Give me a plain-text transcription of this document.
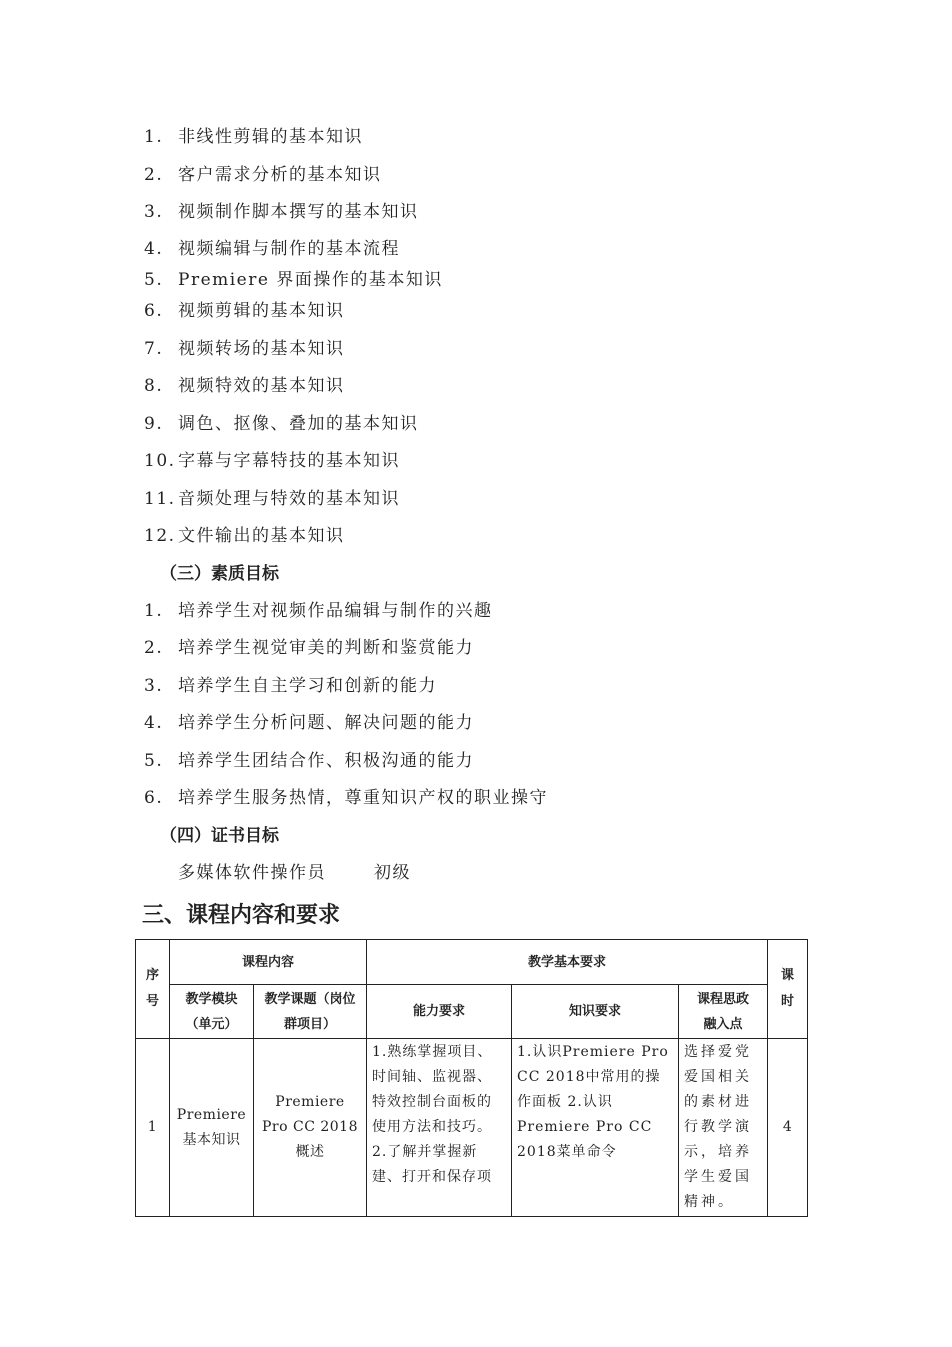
1. 非线性剪辑的基本知识
2. 客户需求分析的基本知识
3. 视频制作脚本撰写的基本知识
4. 视频编辑与制作的基本流程
5. Premiere 界面操作的基本知识
6. 视频剪辑的基本知识
7. 视频转场的基本知识
8. 视频特效的基本知识
9. 调色、抠像、叠加的基本知识
10. 字幕与字幕特技的基本知识
11. 音频处理与特效的基本知识
12. 文件输出的基本知识
（三）素质目标
1. 培养学生对视频作品编辑与制作的兴趣
2. 培养学生视觉审美的判断和鉴赏能力
3. 培养学生自主学习和创新的能力
4. 培养学生分析问题、解决问题的能力
5. 培养学生团结合作、积极沟通的能力
6. 培养学生服务热情，尊重知识产权的职业操守
（四）证书目标
多媒体软件操作员	初级
三、课程内容和要求
序号	课程内容		教学基本要求			课时

	教学模块（单元）	教学课题（岗位群项目）	能力要求	知识要求	课程思政融入点	

1	Premiere基本知识	Premiere Pro CC 2018概述	1.熟练掌握项目、时间轴、监视器、特效控制台面板的使用方法和技巧。2.了解并掌握新建、打开和保存项	1.认识Premiere Pro CC 2018中常用的操作面板 2.认识Premiere Pro CC 2018菜单命令	选择爱党爱国相关的素材进行教学演示，培养学生爱国精神。	4
